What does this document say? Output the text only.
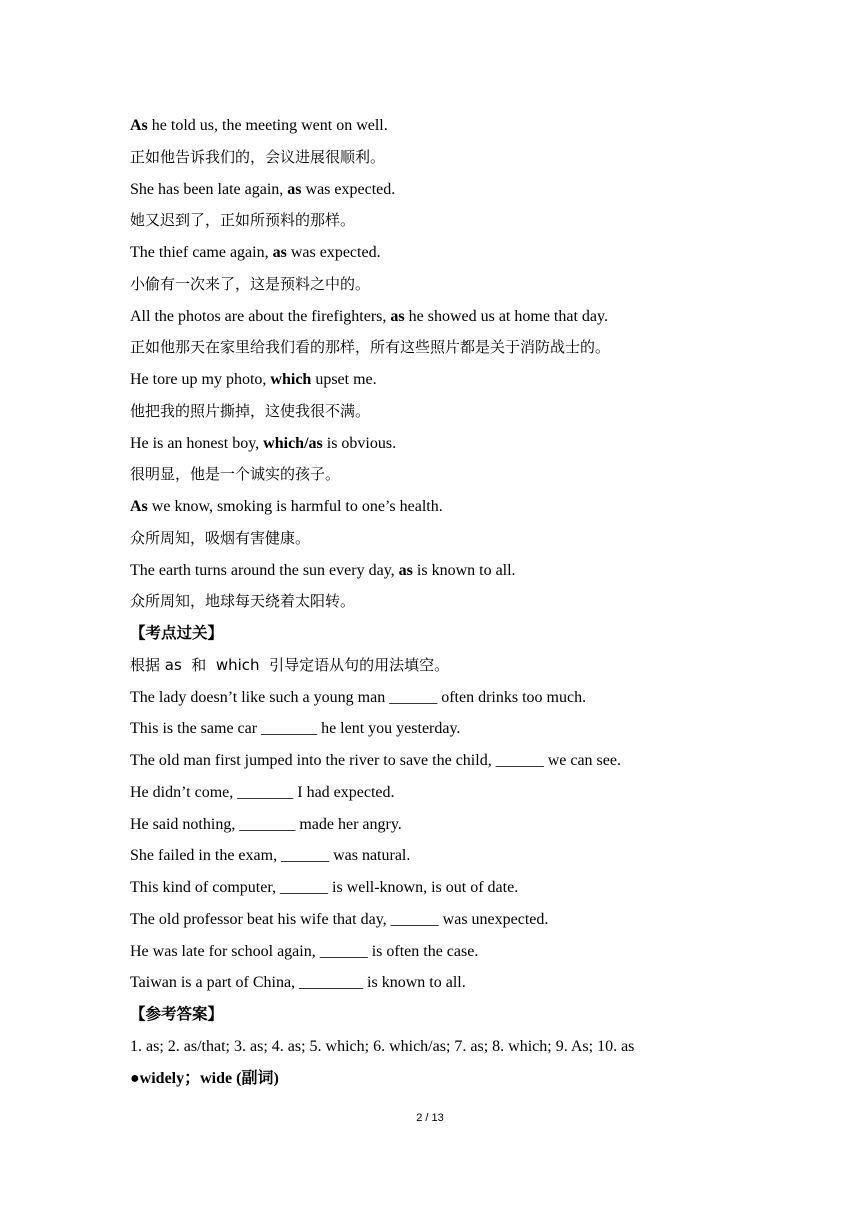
As he told us, the meeting went on well.
正如他告诉我们的，会议进展很顺利。
She has been late again, as was expected.
她又迟到了，正如所预料的那样。
The thief came again, as was expected.
小偷有一次来了，这是预料之中的。
All the photos are about the firefighters, as he showed us at home that day.
正如他那天在家里给我们看的那样，所有这些照片都是关于消防战士的。
He tore up my photo, which upset me.
他把我的照片撕掉，这使我很不满。
He is an honest boy, which/as is obvious.
很明显，他是一个诚实的孩子。
As we know, smoking is harmful to one’s health.
众所周知，吸烟有害健康。
The earth turns around the sun every day, as is known to all.
众所周知，地球每天绕着太阳转。
【考点过关】
根据 as  和  which  引导定语从句的用法填空。
The lady doesn’t like such a young man ______ often drinks too much.
This is the same car _______ he lent you yesterday.
The old man first jumped into the river to save the child, ______ we can see.
He didn’t come, _______ I had expected.
He said nothing, _______ made her angry.
She failed in the exam, ______ was natural.
This kind of computer, ______ is well-known, is out of date.
The old professor beat his wife that day, ______ was unexpected.
He was late for school again, ______ is often the case.
Taiwan is a part of China, ________ is known to all.
【参考答案】
1. as; 2. as/that; 3. as; 4. as; 5. which; 6. which/as; 7. as; 8. which; 9. As; 10. as
●widely；wide (副词)
2 / 13
